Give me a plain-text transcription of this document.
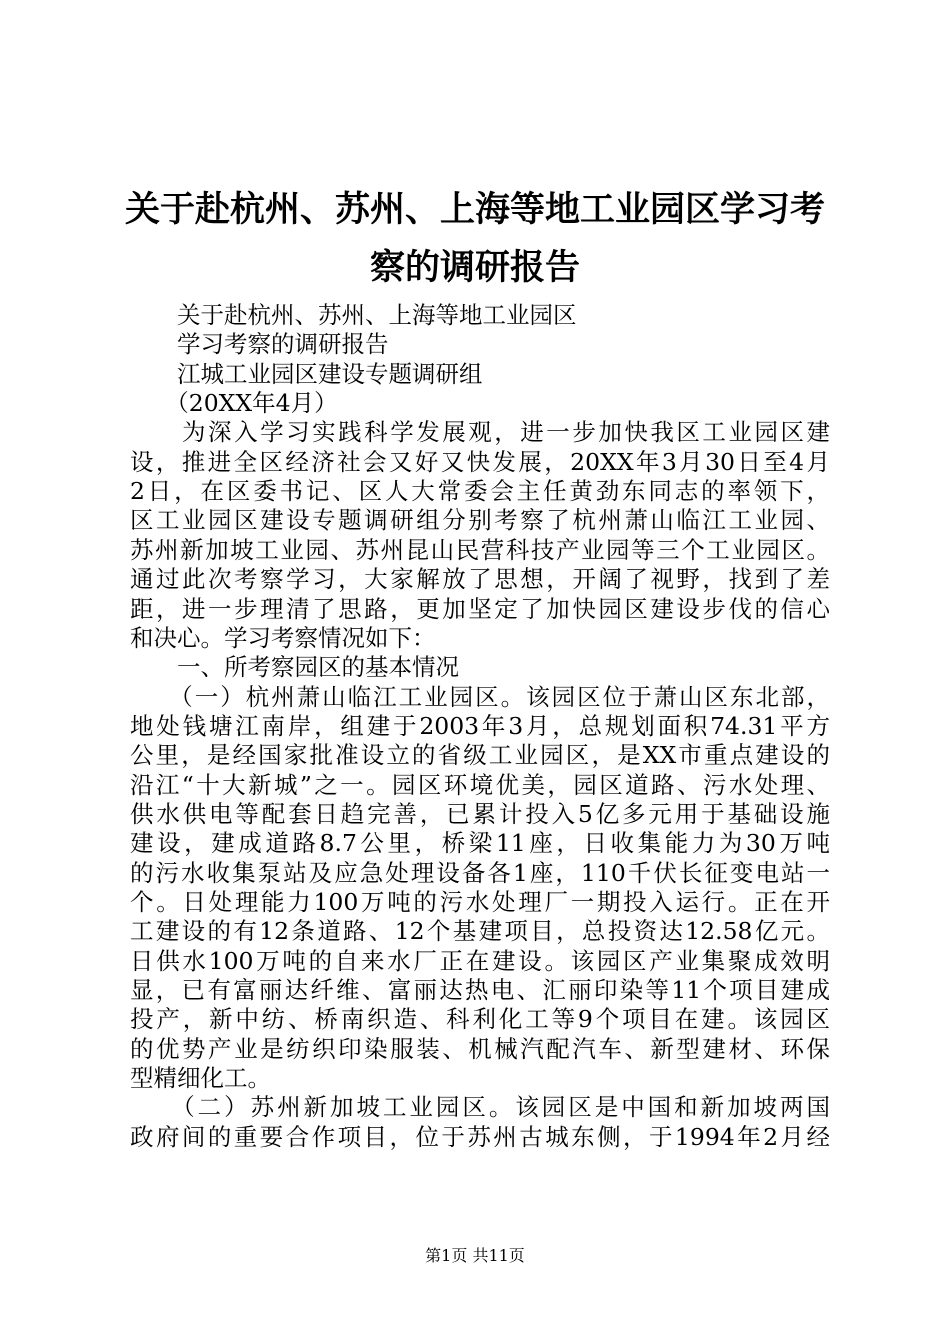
关于赴杭州、苏州、上海等地工业园区学习考
察的调研报告

　　关于赴杭州、苏州、上海等地工业园区

　　学习考察的调研报告

　　江城工业园区建设专题调研组

　　（20XX年4月）

　　为深入学习实践科学发展观，进一步加快我区工业园区建

设，推进全区经济社会又好又快发展，20XX年3月30日至4月

2日，在区委书记、区人大常委会主任黄劲东同志的率领下，

区工业园区建设专题调研组分别考察了杭州萧山临江工业园、

苏州新加坡工业园、苏州昆山民营科技产业园等三个工业园区。

通过此次考察学习，大家解放了思想，开阔了视野，找到了差

距，进一步理清了思路，更加坚定了加快园区建设步伐的信心

和决心。学习考察情况如下：

　　一、所考察园区的基本情况

　　（一）杭州萧山临江工业园区。该园区位于萧山区东北部，

地处钱塘江南岸，组建于2003年3月，总规划面积74.31平方

公里，是经国家批准设立的省级工业园区，是XX市重点建设的

沿江“十大新城”之一。园区环境优美，园区道路、污水处理、

供水供电等配套日趋完善，已累计投入5亿多元用于基础设施

建设，建成道路8.7公里，桥梁11座，日收集能力为30万吨

的污水收集泵站及应急处理设备各1座，110千伏长征变电站一

个。日处理能力100万吨的污水处理厂一期投入运行。正在开

工建设的有12条道路、12个基建项目，总投资达12.58亿元。

日供水100万吨的自来水厂正在建设。该园区产业集聚成效明

显，已有富丽达纤维、富丽达热电、汇丽印染等11个项目建成

投产，新中纺、桥南织造、科利化工等9个项目在建。该园区

的优势产业是纺织印染服装、机械汽配汽车、新型建材、环保

型精细化工。

　　（二）苏州新加坡工业园区。该园区是中国和新加坡两国

政府间的重要合作项目，位于苏州古城东侧，于1994年2月经

第1页 共11页
